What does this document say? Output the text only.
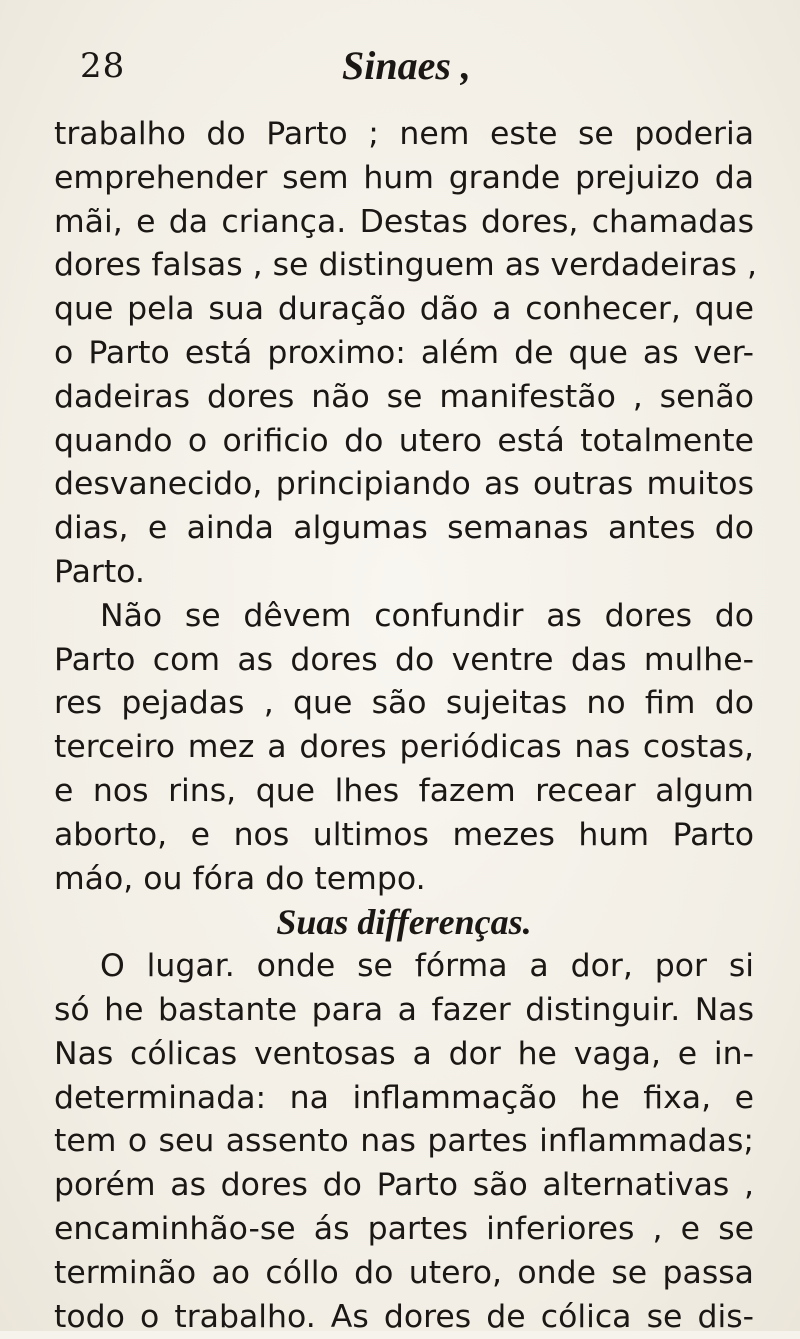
28	Sinaes ,
trabalho do Parto ; nem este se poderia
emprehender sem hum grande prejuizo da
mãi, e da criança. Destas dores, chamadas
dores falsas , se distinguem as verdadeiras ,
que pela sua duração dão a conhecer, que
o Parto está proximo: além de que as ver-
dadeiras dores não se manifestão , senão
quando o orificio do utero está totalmente
desvanecido, principiando as outras muitos
dias, e ainda algumas semanas antes do
Parto.
Não se dêvem confundir as dores do
Parto com as dores do ventre das mulhe-
res pejadas , que são sujeitas no fim do
terceiro mez a dores periódicas nas costas,
e nos rins, que lhes fazem recear algum
aborto, e nos ultimos mezes hum Parto
máo, ou fóra do tempo.
Suas differenças.
O lugar. onde se fórma a dor, por si
só he bastante para a fazer distinguir. Nas
Nas cólicas ventosas a dor he vaga, e in-
determinada: na inflammação he fixa, e
tem o seu assento nas partes inflammadas;
porém as dores do Parto são alternativas ,
encaminhão-se ás partes inferiores , e se
terminão ao cóllo do utero, onde se passa
todo o trabalho. As dores de cólica se dis-
